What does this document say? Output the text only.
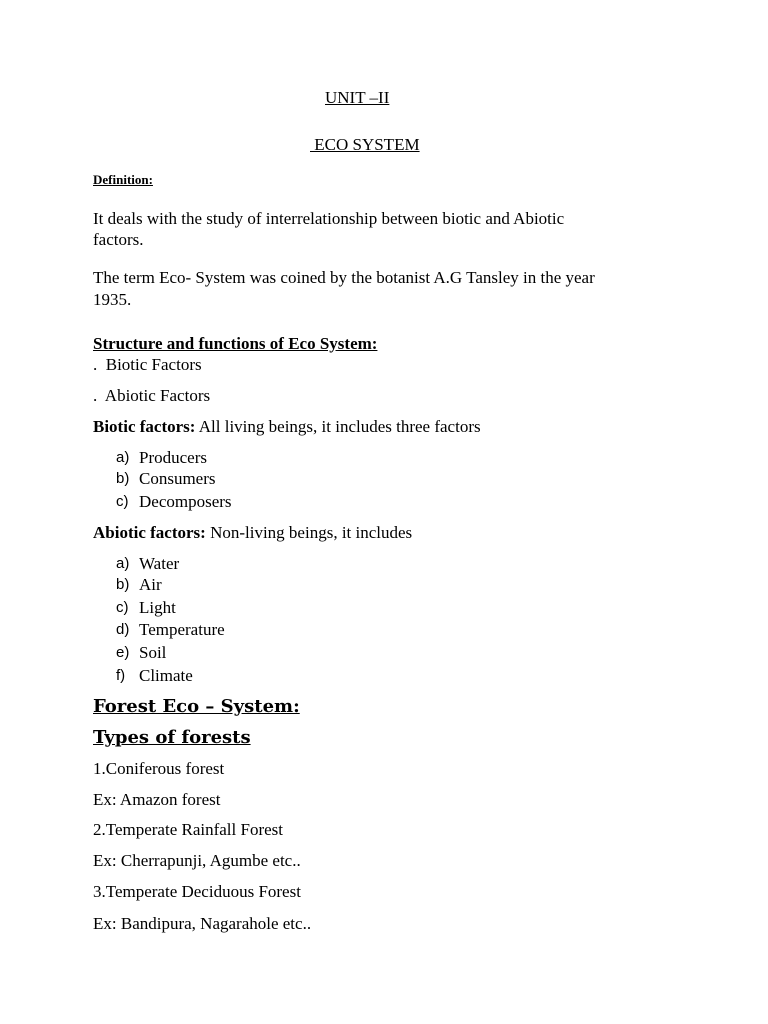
UNIT –II
ECO SYSTEM
Definition:
It deals with the study of interrelationship between biotic and Abiotic
factors.
The term Eco- System was coined by the botanist A.G Tansley in the year
1935.
Structure and functions of Eco System:
.  Biotic Factors
.  Abiotic Factors
Biotic factors: All living beings, it includes three factors
a) Producers
b) Consumers
c) Decomposers
Abiotic factors: Non-living beings, it includes
a) Water
b) Air
c) Light
d) Temperature
e) Soil
f) Climate
Forest Eco – System:
Types of forests
1.Coniferous forest
Ex: Amazon forest
2.Temperate Rainfall Forest
Ex: Cherrapunji, Agumbe etc..
3.Temperate Deciduous Forest
Ex: Bandipura, Nagarahole etc..
